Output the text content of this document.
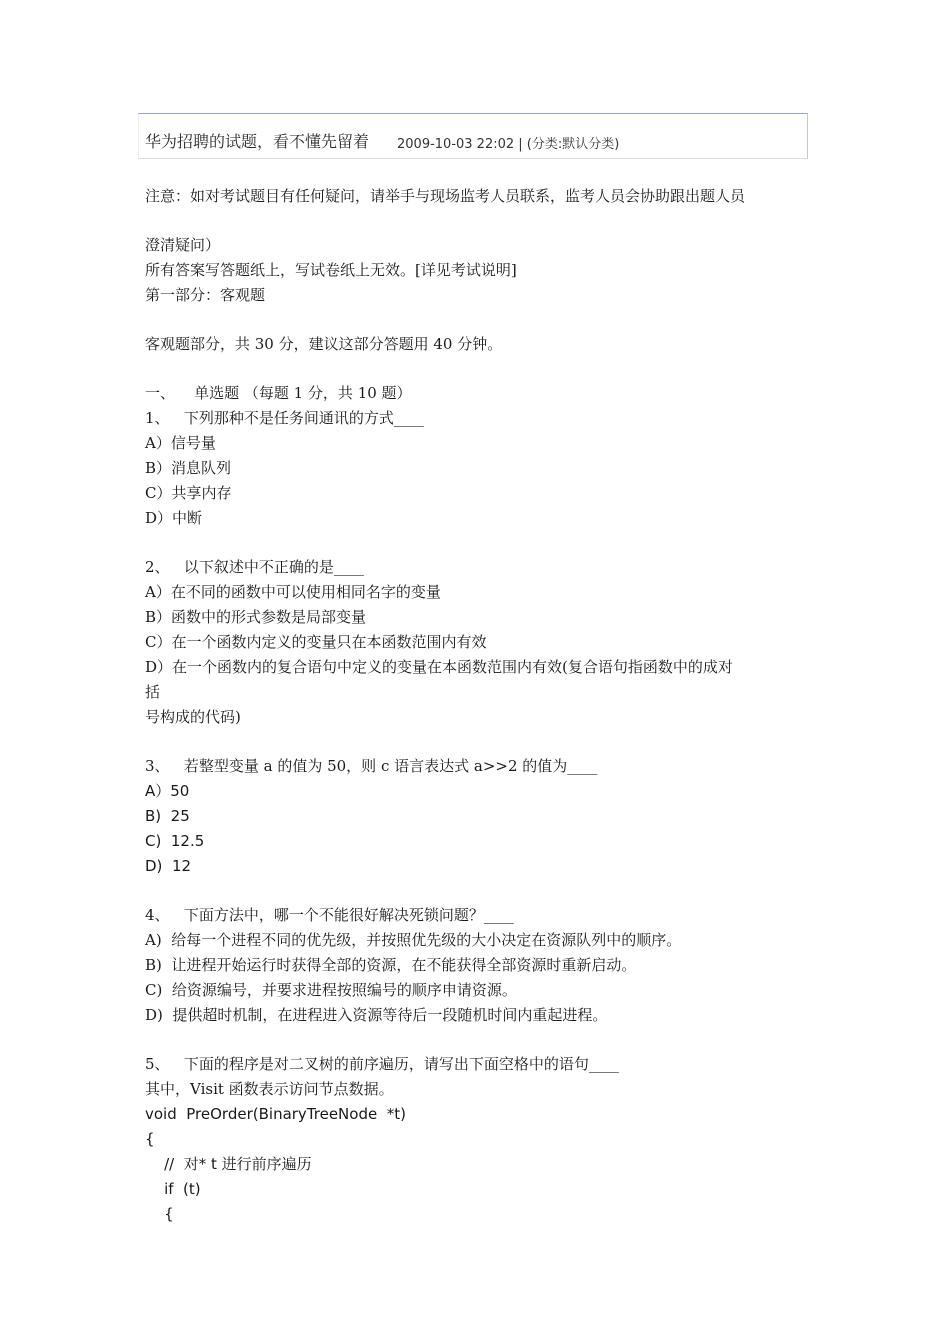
华为招聘的试题，看不懂先留着 2009-10-03 22:02 | (分类:默认分类)
注意：如对考试题目有任何疑问，请举手与现场监考人员联系，监考人员会协助跟出题人员
澄清疑问）
所有答案写答题纸上，写试卷纸上无效。[详见考试说明]
第一部分：客观题
客观题部分，共 30 分，建议这部分答题用 40 分钟。
一、    单选题 （每题 1 分，共 10 题）
1、   下列那种不是任务间通讯的方式____
A）信号量
B）消息队列
C）共享内存
D）中断
2、   以下叙述中不正确的是____
A）在不同的函数中可以使用相同名字的变量
B）函数中的形式参数是局部变量
C）在一个函数内定义的变量只在本函数范围内有效
D）在一个函数内的复合语句中定义的变量在本函数范围内有效(复合语句指函数中的成对
括
号构成的代码)
3、   若整型变量 a 的值为 50，则 c 语言表达式 a>>2 的值为____
A）50
B)  25
C)  12.5
D)  12
4、   下面方法中，哪一个不能很好解决死锁问题？____
A)  给每一个进程不同的优先级，并按照优先级的大小决定在资源队列中的顺序。
B)  让进程开始运行时获得全部的资源，在不能获得全部资源时重新启动。
C)  给资源编号，并要求进程按照编号的顺序申请资源。
D)  提供超时机制，在进程进入资源等待后一段随机时间内重起进程。
5、   下面的程序是对二叉树的前序遍历，请写出下面空格中的语句____
其中，Visit 函数表示访问节点数据。
void  PreOrder(BinaryTreeNode  *t)
{
//  对* t 进行前序遍历
if  (t)
{
